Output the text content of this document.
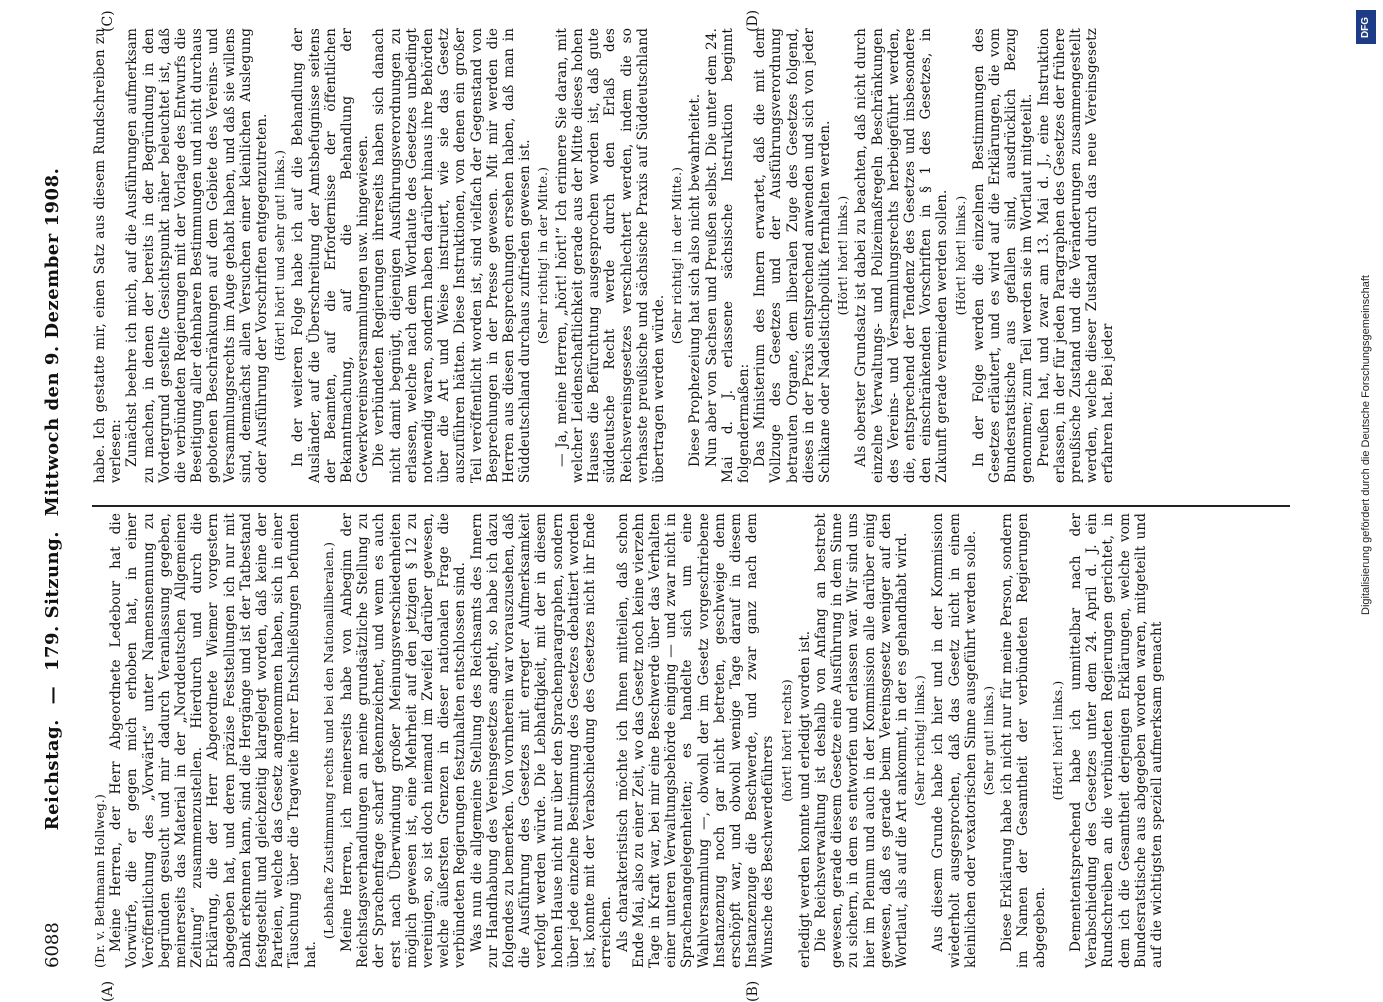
6088
Reichstag. — 179. Sitzung. Mittwoch den 9. Dezember 1908.
(A)	(B)
(C)	(D)

(Dr. v. Bethmann Hollweg.) Meine Herren, der Herr Abgeordnete Ledebour hat die Vorwürfe, die er gegen mich erhoben hat, in einer Veröffentlichung des „Vorwärts“ unter Namensnennung zu begründen gesucht und mir dadurch Veranlassung gegeben, meinerseits das Material in der „Norddeutschen Allgemeinen Zeitung“ zusammenzustellen. Hierdurch und durch die Erklärung, die der Herr Abgeordnete Wiemer vorgestern abgegeben hat, und deren präzise Feststellungen ich nur mit Dank erkennen kann, sind die Hergänge und ist der Tatbestand festgestellt und gleichzeitig klargelegt worden, daß keine der Parteien, welche das Gesetz angenommen haben, sich in einer Täuschung über die Tragweite ihrer Entschließungen befunden hat.

(Lebhafte Zustimmung rechts und bei den Nationalliberalen.) Meine Herren, ich meinerseits habe von Anbeginn der Reichstagsverhandlungen an meine grundsätzliche Stellung zu der Sprachenfrage scharf gekennzeichnet, und wenn es auch erst nach Überwindung großer Meinungsverschiedenheiten möglich gewesen ist, eine Mehrheit auf den jetzigen § 12 zu vereinigen, so ist doch niemand im Zweifel darüber gewesen, welche äußersten Grenzen in dieser nationalen Frage die verbündeten Regierungen festzuhalten entschlossen sind. Was nun die allgemeine Stellung des Reichsamts des Innern zur Handhabung des Vereinsgesetzes angeht, so habe ich dazu folgendes zu bemerken. Von vornherein war vorauszusehen, daß die Ausführung des Gesetzes mit erregter Aufmerksamkeit verfolgt werden würde. Die Lebhaftigkeit, mit der in diesem hohen Hause nicht nur über den Sprachenparagraphen, sondern über jede einzelne Bestimmung des Gesetzes debattiert worden ist, konnte mit der Verabschiedung des Gesetzes nicht ihr Ende erreichen. Als charakteristisch möchte ich Ihnen mitteilen, daß schon Ende Mai, also zu einer Zeit, wo das Gesetz noch keine vierzehn Tage in Kraft war, bei mir eine Beschwerde über das Verhalten einer unteren Verwaltungsbehörde einging — und zwar nicht in Sprachenangelegenheiten; es handelte sich um eine Wahlversammlung —, obwohl der im Gesetz vorgeschriebene Instanzenzug noch gar nicht betreten, geschweige denn erschöpft war, und obwohl wenige Tage darauf in diesem Instanzenzuge die Beschwerde, und zwar ganz nach dem Wunsche des Beschwerdeführers (hört! hört! rechts) erledigt werden konnte und erledigt worden ist. Die Reichsverwaltung ist deshalb von Anfang an bestrebt gewesen, gerade diesem Gesetze eine Ausführung in dem Sinne zu sichern, in dem es entworfen und erlassen war. Wir sind uns hier im Plenum und auch in der Kommission alle darüber einig gewesen, daß es gerade beim Vereinsgesetz weniger auf den Wortlaut, als auf die Art ankommt, in der es gehandhabt wird. (Sehr richtig! links.) Aus diesem Grunde habe ich hier und in der Kommission wiederholt ausgesprochen, daß das Gesetz nicht in einem kleinlichen oder vexatorischen Sinne ausgeführt werden solle. (Sehr gut! links.) Diese Erklärung habe ich nicht nur für meine Person, sondern im Namen der Gesamtheit der verbündeten Regierungen abgegeben.

(Hört! hört! links.) Demententsprechend habe ich unmittelbar nach der Verabschiedung des Gesetzes unter dem 24. April d. J. ein Rundschreiben an die verbündeten Regierungen gerichtet, in dem ich die Gesamtheit derjenigen Erklärungen, welche vom Bundesratstische aus abgegeben worden waren, mitgeteilt und auf die wichtigsten speziell aufmerksam gemacht

habe. Ich gestatte mir, einen Satz aus diesem Rundschreiben zu verlesen: Zunächst beehre ich mich, auf die Ausführungen aufmerksam zu machen, in denen der bereits in der Begründung in den Vordergrund gestellte Gesichtspunkt näher beleuchtet ist, daß die verbündeten Regierungen mit der Vorlage des Entwurfs die Beseitigung aller dehnbaren Bestimmungen und nicht durchaus gebotenen Beschränkungen auf dem Gebiete des Vereins- und Versammlungsrechts im Auge gehabt haben, und daß sie willens sind, demnächst allen Versuchen einer kleinlichen Auslegung oder Ausführung der Vorschriften entgegenzutreten. (Hört! hört! und sehr gut! links.) In der weiteren Folge habe ich auf die Behandlung der Ausländer, auf die Überschreitung der Amtsbefugnisse seitens der Beamten, auf die Erfordernisse der öffentlichen Bekanntmachung, auf die Behandlung der Gewerkvereinsversammlungen usw. hingewiesen. Die verbündeten Regierungen ihrerseits haben sich danach nicht damit begnügt, diejenigen Ausführungsverordnungen zu erlassen, welche nach dem Wortlaute des Gesetzes unbedingt notwendig waren, sondern haben darüber hinaus ihre Behörden über die Art und Weise instruiert, wie sie das Gesetz auszuführen hätten. Diese Instruktionen, von denen ein großer Teil veröffentlicht worden ist, sind vielfach der Gegenstand von Besprechungen in der Presse gewesen. Mit mir werden die Herren aus diesen Besprechungen ersehen haben, daß man in Süddeutschland durchaus zufrieden gewesen ist. (Sehr richtig! in der Mitte.) — Ja, meine Herren, „hört! hört!“ Ich erinnere Sie daran, mit welcher Leidenschaftlichkeit gerade aus der Mitte dieses hohen Hauses die Befürchtung ausgesprochen worden ist, daß gute süddeutsche Recht werde durch den Erlaß des Reichsvereinsgesetzes verschlechtert werden, indem die so verhasste preußische und sächsische Praxis auf Süddeutschland übertragen werden würde.

(Sehr richtig! in der Mitte.) Diese Prophezeiung hat sich also nicht bewahrheitet. Nun aber von Sachsen und Preußen selbst. Die unter dem 24. Mai d. J. erlassene sächsische Instruktion beginnt folgendermaßen: Das Ministerium des Innern erwartet, daß die mit dem Vollzuge des Gesetzes und der Ausführungsverordnung betrauten Organe, dem liberalen Zuge des Gesetzes folgend, dieses in der Praxis entsprechend anwenden und sich von jeder Schikane oder Nadelstichpolitik fernhalten werden. (Hört! hört! links.) Als oberster Grundsatz ist dabei zu beachten, daß nicht durch einzelne Verwaltungs- und Polizeimaßregeln Beschränkungen des Vereins- und Versammlungsrechts herbeigeführt werden, die, entsprechend der Tendenz des Gesetzes und insbesondere den einschränkenden Vorschriften in § 1 des Gesetzes, in Zukunft gerade vermieden werden sollen. (Hört! hört! links.) In der Folge werden die einzelnen Bestimmungen des Gesetzes erläutert, und es wird auf die Erklärungen, die vom Bundesratstische aus gefallen sind, ausdrücklich Bezug genommen; zum Teil werden sie im Wortlaut mitgeteilt. Preußen hat, und zwar am 13. Mai d. J., eine Instruktion erlassen, in der für jeden Paragraphen des Gesetzes der frühere preußische Zustand und die Veränderungen zusammengestellt werden, welche dieser Zustand durch das neue Vereinsgesetz erfahren hat. Bei jeder

DFG
Digitalisierung gefördert durch die Deutsche Forschungsgemeinschaft
